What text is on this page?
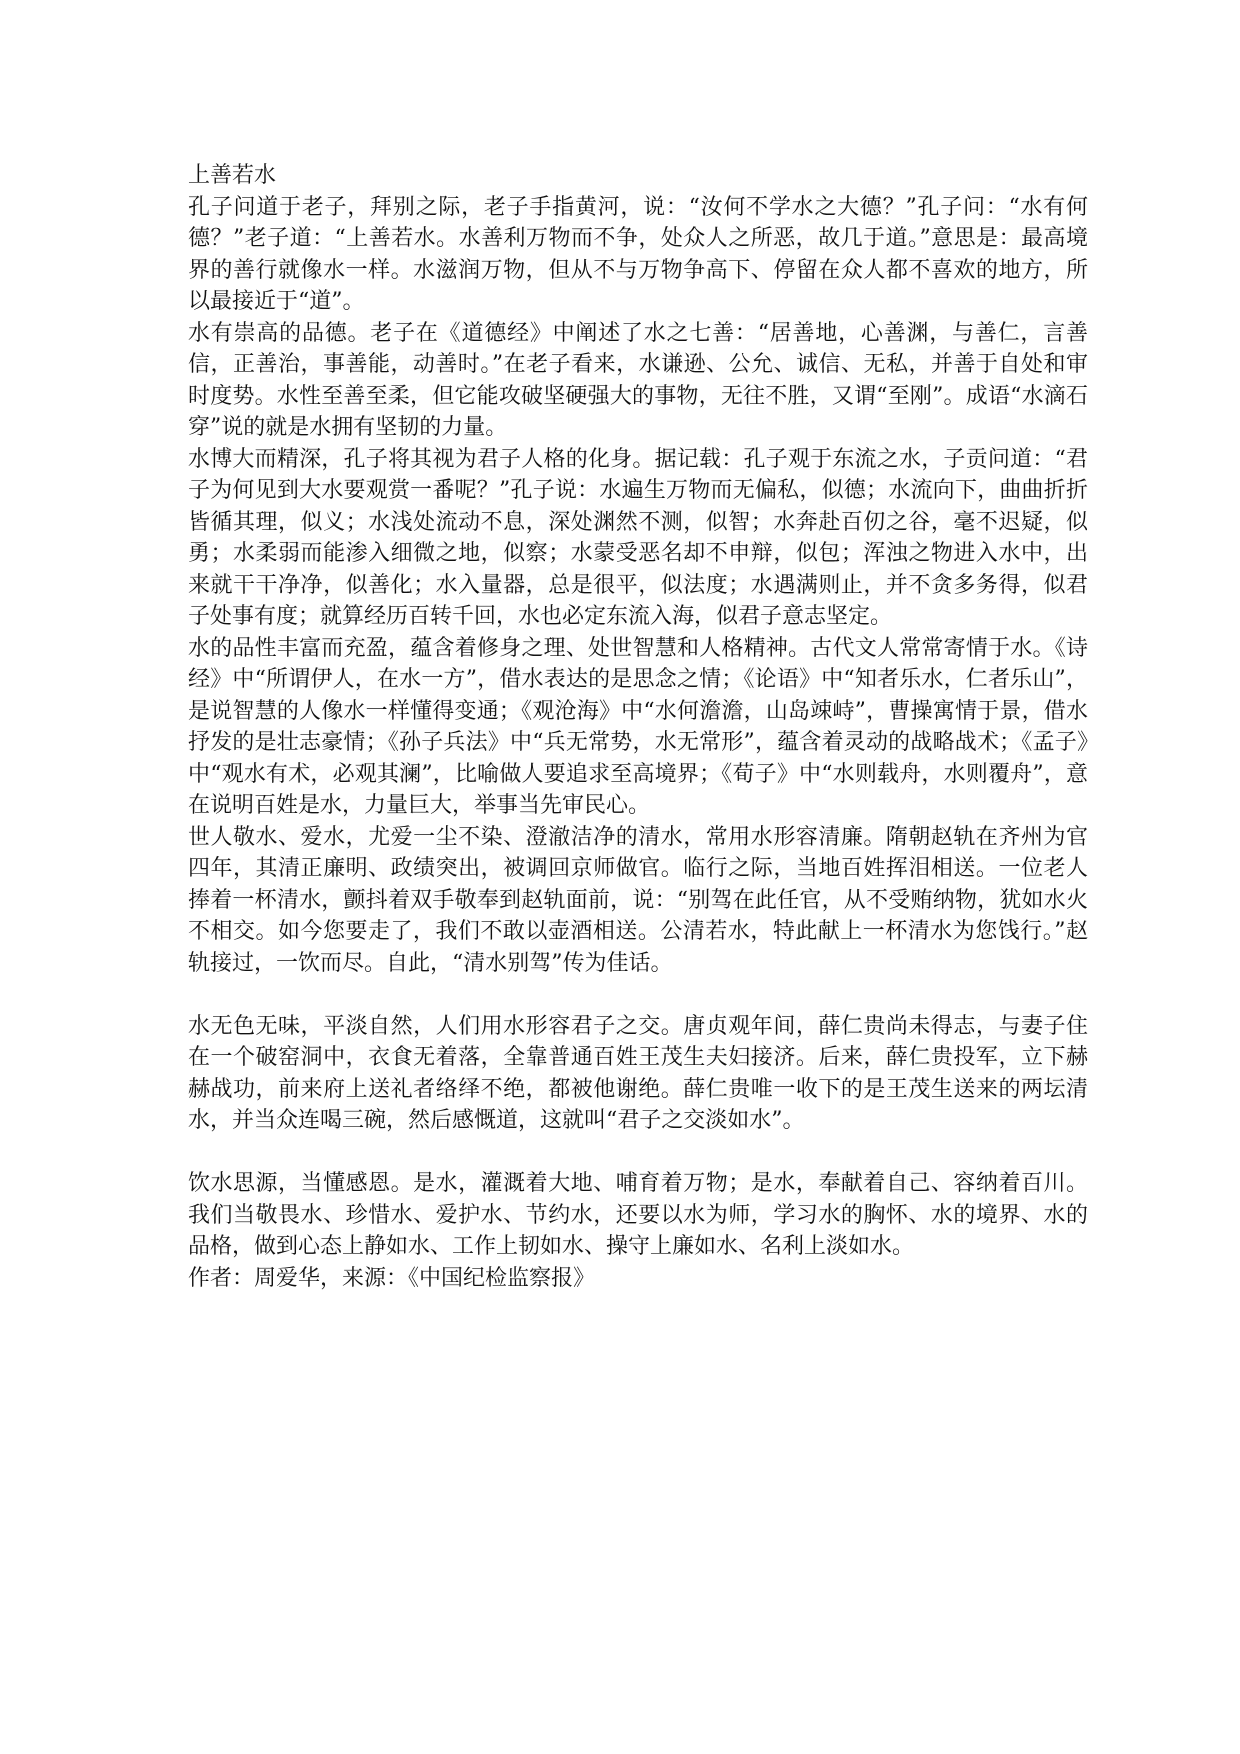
上善若水

孔子问道于老子，拜别之际，老子手指黄河，说：“汝何不学水之大德？”孔子问：“水有何德？”老子道：“上善若水。水善利万物而不争，处众人之所恶，故几于道。”意思是：最高境界的善行就像水一样。水滋润万物，但从不与万物争高下、停留在众人都不喜欢的地方，所以最接近于“道”。

水有崇高的品德。老子在《道德经》中阐述了水之七善：“居善地，心善渊，与善仁，言善信，正善治，事善能，动善时。”在老子看来，水谦逊、公允、诚信、无私，并善于自处和审时度势。水性至善至柔，但它能攻破坚硬强大的事物，无往不胜，又谓“至刚”。成语“水滴石穿”说的就是水拥有坚韧的力量。

水博大而精深，孔子将其视为君子人格的化身。据记载：孔子观于东流之水，子贡问道：“君子为何见到大水要观赏一番呢？”孔子说：水遍生万物而无偏私，似德；水流向下，曲曲折折皆循其理，似义；水浅处流动不息，深处渊然不测，似智；水奔赴百仞之谷，毫不迟疑，似勇；水柔弱而能渗入细微之地，似察；水蒙受恶名却不申辩，似包；浑浊之物进入水中，出来就干干净净，似善化；水入量器，总是很平，似法度；水遇满则止，并不贪多务得，似君子处事有度；就算经历百转千回，水也必定东流入海，似君子意志坚定。

水的品性丰富而充盈，蕴含着修身之理、处世智慧和人格精神。古代文人常常寄情于水。《诗经》中“所谓伊人，在水一方”，借水表达的是思念之情；《论语》中“知者乐水，仁者乐山”，是说智慧的人像水一样懂得变通；《观沧海》中“水何澹澹，山岛竦峙”，曹操寓情于景，借水抒发的是壮志豪情；《孙子兵法》中“兵无常势，水无常形”，蕴含着灵动的战略战术；《孟子》中“观水有术，必观其澜”，比喻做人要追求至高境界；《荀子》中“水则载舟，水则覆舟”，意在说明百姓是水，力量巨大，举事当先审民心。

世人敬水、爱水，尤爱一尘不染、澄澈洁净的清水，常用水形容清廉。隋朝赵轨在齐州为官四年，其清正廉明、政绩突出，被调回京师做官。临行之际，当地百姓挥泪相送。一位老人捧着一杯清水，颤抖着双手敬奉到赵轨面前，说：“别驾在此任官，从不受贿纳物，犹如水火不相交。如今您要走了，我们不敢以壶酒相送。公清若水，特此献上一杯清水为您饯行。”赵轨接过，一饮而尽。自此，“清水别驾”传为佳话。

水无色无味，平淡自然，人们用水形容君子之交。唐贞观年间，薛仁贵尚未得志，与妻子住在一个破窑洞中，衣食无着落，全靠普通百姓王茂生夫妇接济。后来，薛仁贵投军，立下赫赫战功，前来府上送礼者络绎不绝，都被他谢绝。薛仁贵唯一收下的是王茂生送来的两坛清水，并当众连喝三碗，然后感慨道，这就叫“君子之交淡如水”。

饮水思源，当懂感恩。是水，灌溉着大地、哺育着万物；是水，奉献着自己、容纳着百川。我们当敬畏水、珍惜水、爱护水、节约水，还要以水为师，学习水的胸怀、水的境界、水的品格，做到心态上静如水、工作上韧如水、操守上廉如水、名利上淡如水。

作者：周爱华，来源：《中国纪检监察报》
